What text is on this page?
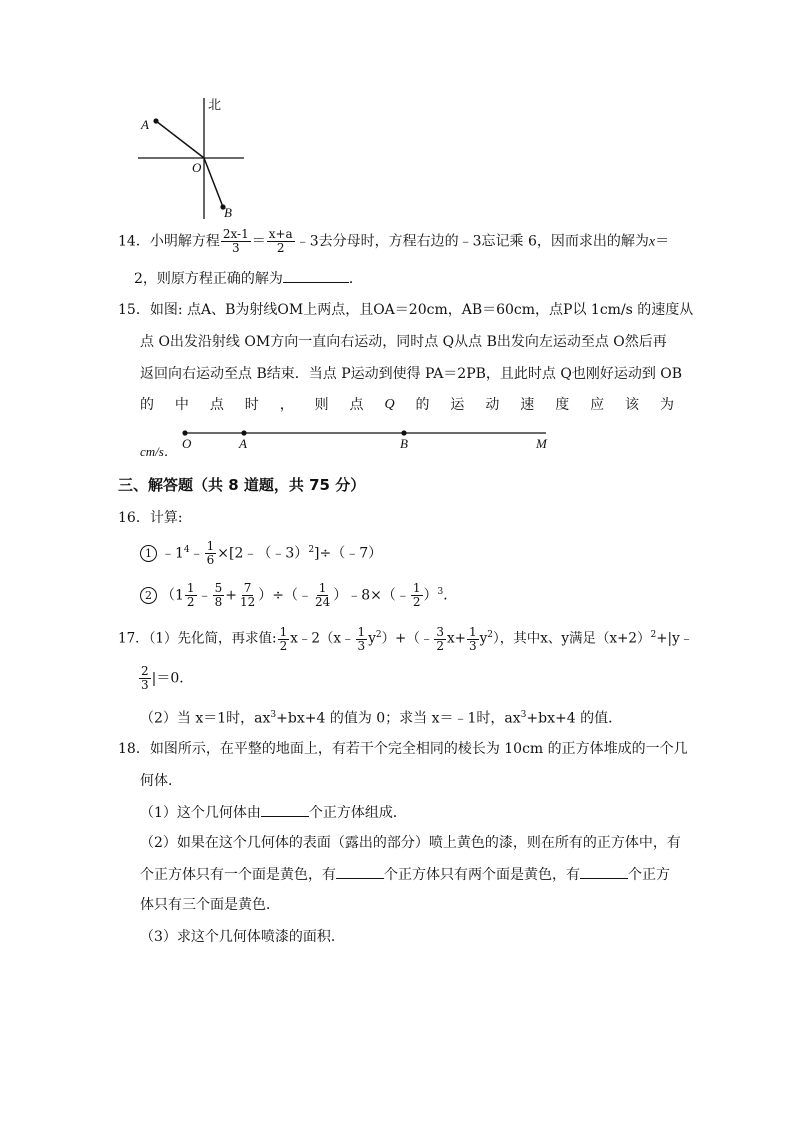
北
A
O
B
14．小明解方程 $\frac{2x-1}{3} = \frac{x+a}{2}$ ﹣3去分母时，方程右边的﹣3忘记乘 6，因而求出的解为x＝
2，则原方程正确的解为	．
15．如图: 点A、B为射线OM上两点，且OA＝20cm，AB＝60cm，点P以 1cm/s 的速度从
点 O出发沿射线 OM方向一直向右运动，同时点 Q从点 B出发向左运动至点 O然后再
返回向右运动至点 B结束．当点 P运动到使得 PA＝2PB，且此时点 Q也刚好运动到 OB
的 中 点 时 ， 则 点 Q 的 运 动 速 度 应 该 为
cm/s．
O	A	B	M
三、解答题（共 8 道题，共 75 分）
16．计算:
1 $﹣1^4﹣ \frac{1}{6}$ ×[2﹣（﹣3）$^2$]÷（﹣7）
2 （$1 \frac{1}{2}$ ﹣ $\frac{5}{8} + \frac{7}{12}$ ）÷（﹣ $\frac{1}{24}$ ）﹣8×（﹣ $\frac{1}{2} )^3$．
17．（1）先化简，再求值: $\frac{1}{2}$ x﹣2（x﹣ $\frac{1}{3}$ $y^2)+(﹣ \frac{3}{2} x+ \frac{1}{3} y^2)$，其中x、y满足$(x+2)^2+|y﹣$
$\frac{2}{3} |=0$．
（2）当 x＝1时，$ax^3+bx+4$ 的值为 0；求当 x＝﹣1时，$ax^3+bx+4$ 的值．
18．如图所示，在平整的地面上，有若干个完全相同的棱长为 10cm 的正方体堆成的一个几
何体．
（1）这个几何体由	个正方体组成．
（2）如果在这个几何体的表面（露出的部分）喷上黄色的漆，则在所有的正方体中，有
个正方体只有一个面是黄色，有	个正方体只有两个面是黄色，有	个正方
体只有三个面是黄色．
（3）求这个几何体喷漆的面积．
